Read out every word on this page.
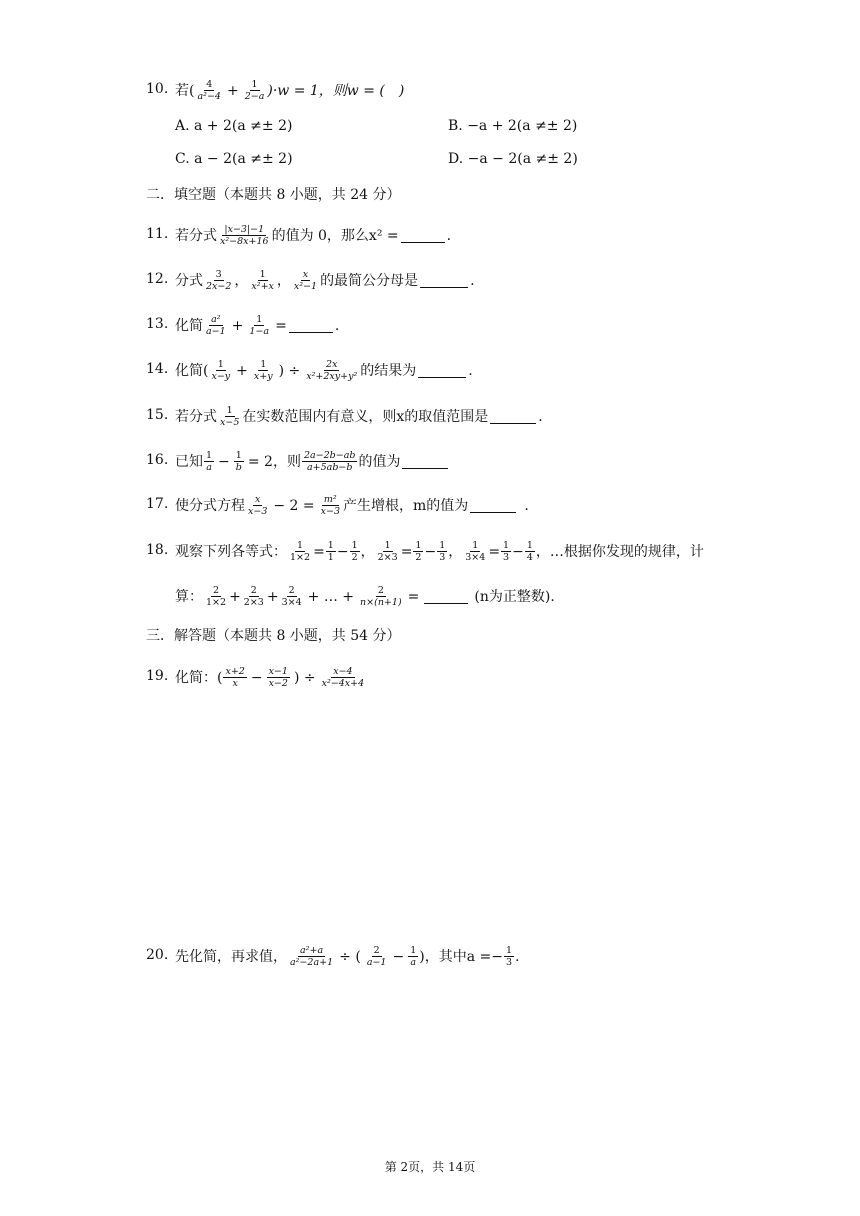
10. 若 ( $\frac{4}{\text{a²−4}} + \frac{1}{2-a} )\cdot w = 1$，则 w = (　)
A. a + 2(a ≠± 2)	B. −a + 2(a ≠± 2)
C. a − 2(a ≠± 2)	D. −a − 2(a ≠± 2)
二．填空题（本题共 8 小题，共 24 分）
11. 若分式 $\frac{|x-3|-1}{\text{x²−8x+16}}$ 的值为 0，那么x² =	.
12. 分式 $\frac{3}{2x-2}$ ， $\frac{1}{\text{x²+x}}$ ， $\frac{x}{\text{x²−1}}$ 的最简公分母是	.
13. 化简 $\frac{\text{a²}}{a-1} + \frac{1}{1-a}$ =	.
14. 化简( $\frac{1}{x-y} + \frac{1}{x+y}$ ) ÷ $\frac{2x}{\text{x²+2xy+y²}}$ 的结果为	.
15. 若分式 $\frac{1}{x-5}$ 在实数范围内有意义，则x的取值范围是	.
16. 已知 $\frac{1}{a} - \frac{1}{b} = 2$，则 $\frac{2a-2b-ab}{a+5ab-b}$ 的值为
17. 使分式方程 $\frac{x}{x-3} - 2 = \frac{\text{m²}}{x-3}$ 产生增根，m的值为	.
18. 观察下列各等式： $\frac{1}{1\times 2} = \frac{1}{1} - \frac{1}{2}$ ， $\frac{1}{2\times 3} = \frac{1}{2} - \frac{1}{3}$ ， $\frac{1}{3\times 4} = \frac{1}{3} - \frac{1}{4}$ ， …根据你发现的规律，计
算： $\frac{2}{1\times 2} + \frac{2}{2\times 3} + \frac{2}{3\times 4}$ + … + $\frac{2}{n\times(n+1)}$ =	(n为正整数).
三．解答题（本题共 8 小题，共 54 分）
19. 化简：( $\frac{x+2}{x} - \frac{x-1}{x-2}$ ) ÷ $\frac{x-4}{\text{x²−4x+4}}$
20. 先化简，再求值， $\frac{\text{a²+a}}{\text{a²−2a+1}}$ ÷ ( $\frac{2}{a-1} - \frac{1}{a}$ )，其中$a =- \frac{1}{3}$ .
第 2页，共 14页
